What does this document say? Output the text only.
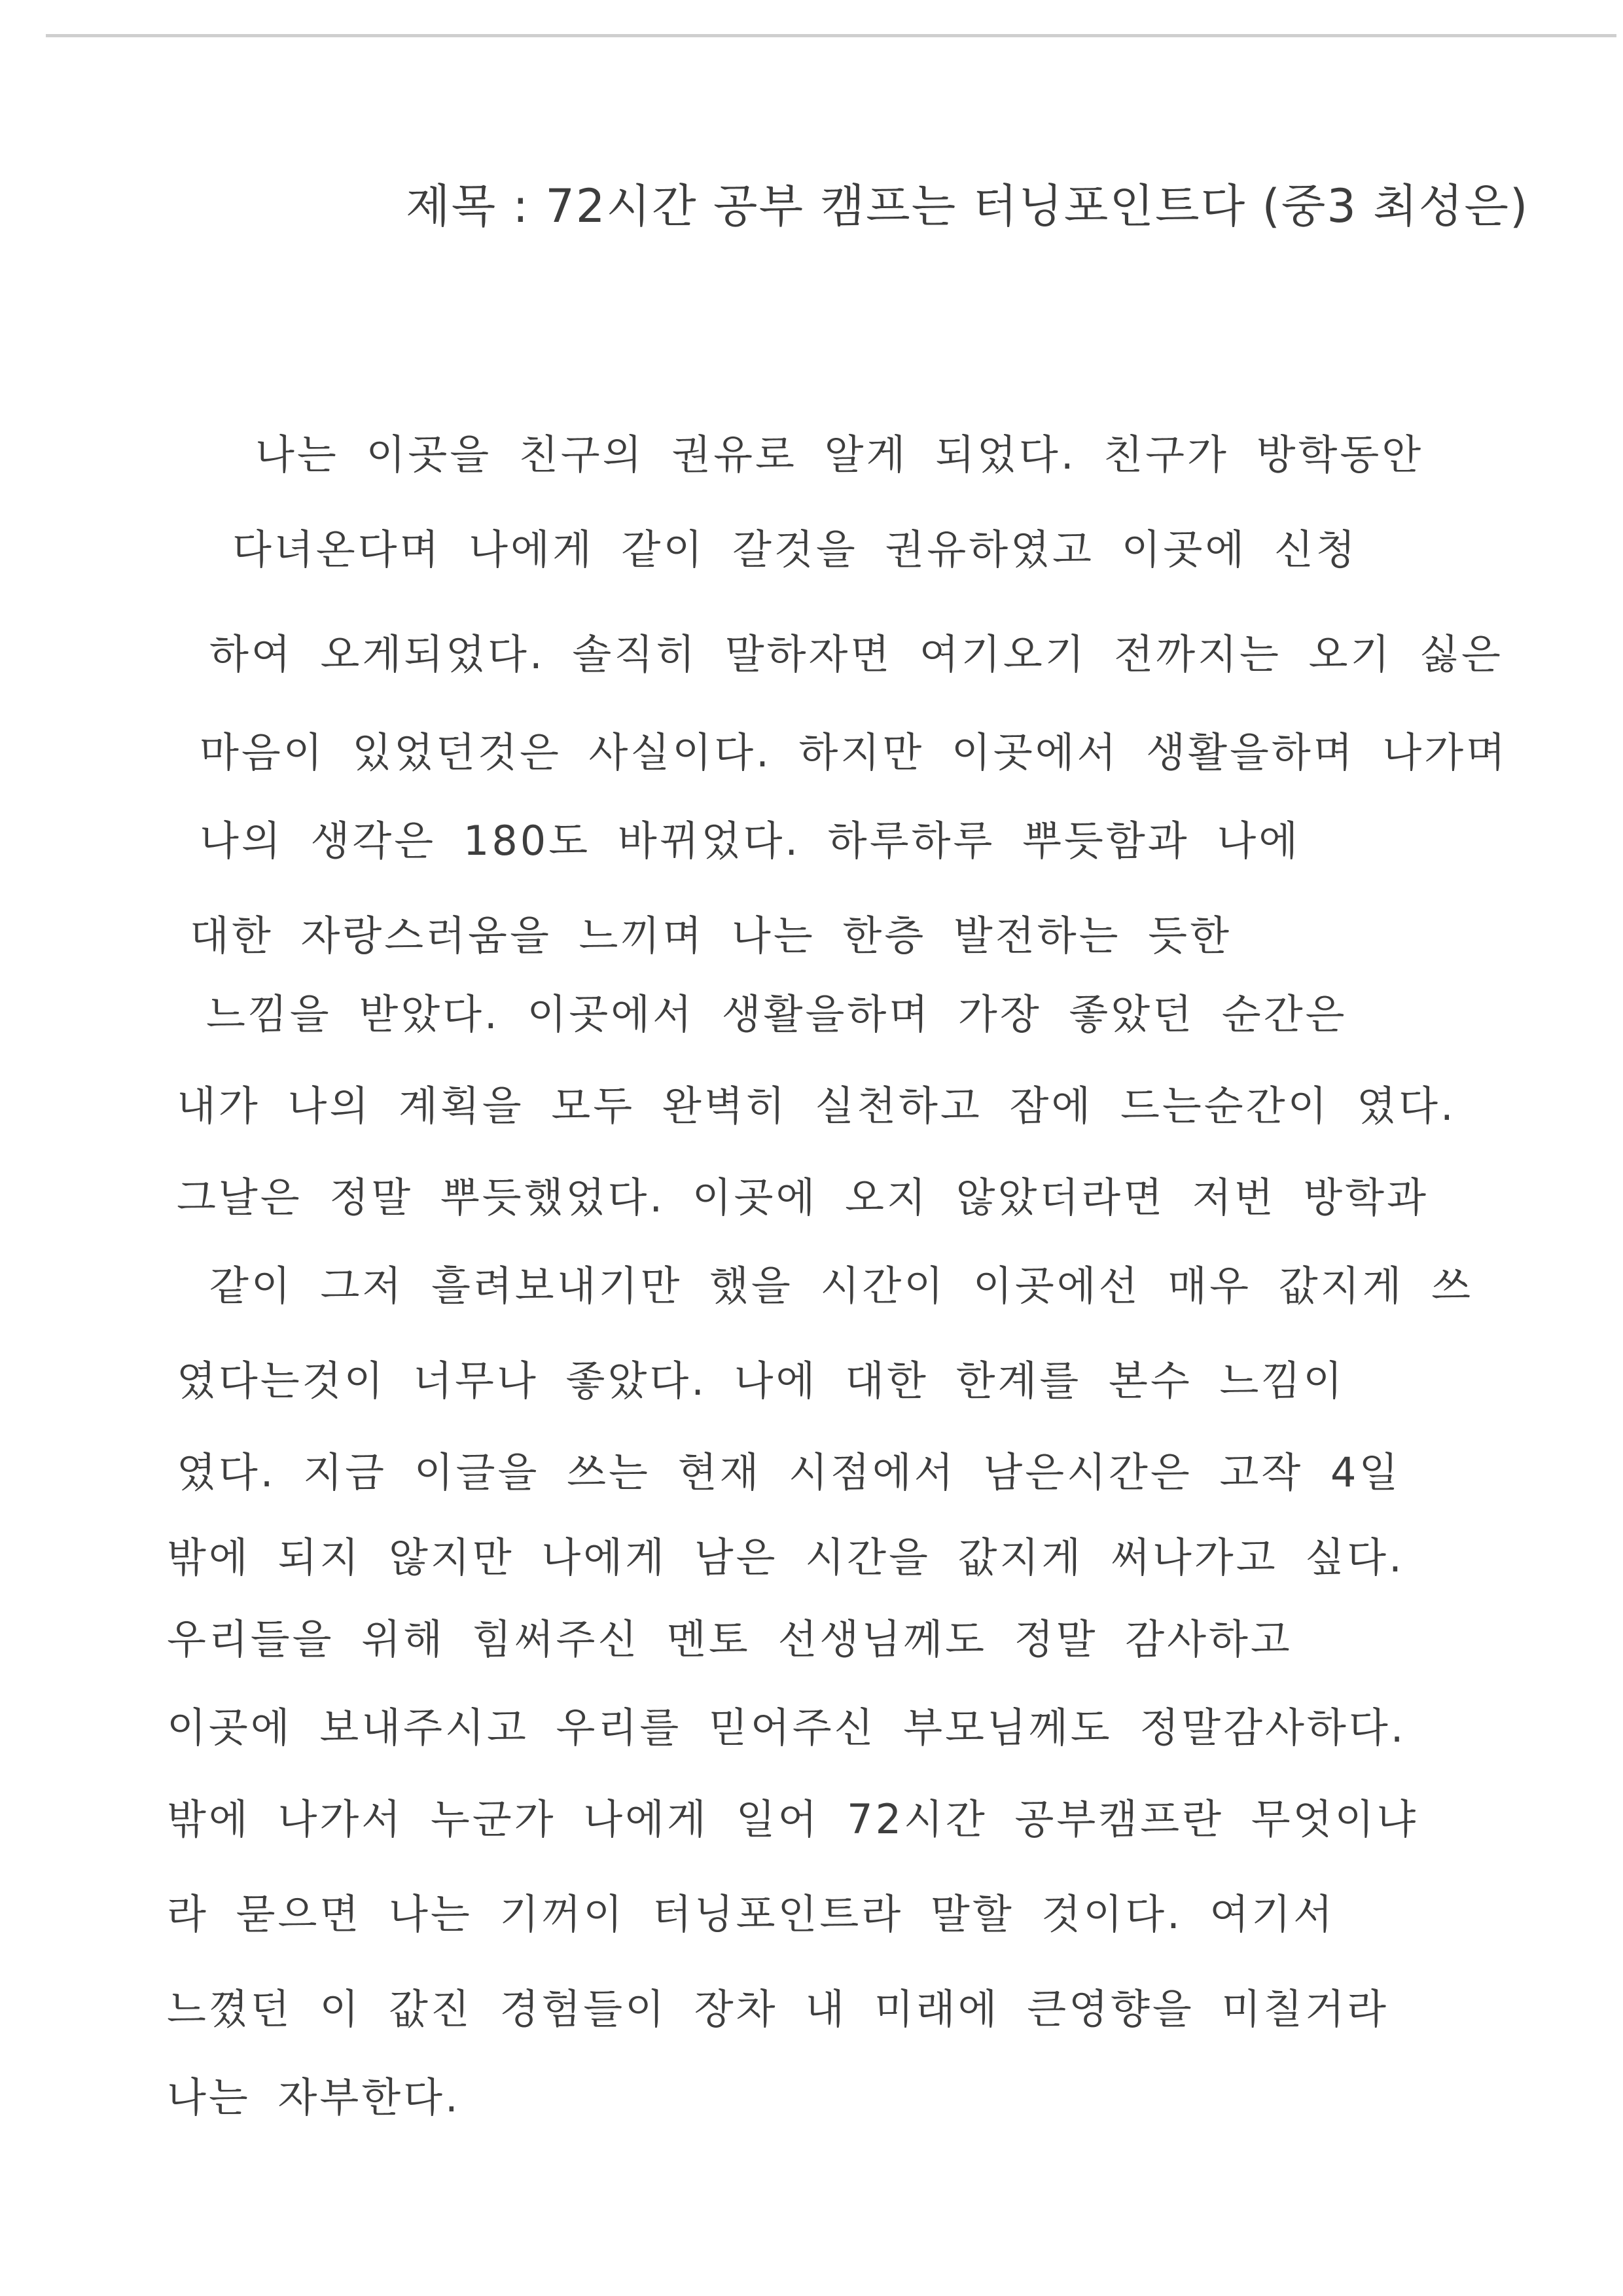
제목 : 72시간 공부 캠프는 터닝포인트다 (중3 최성은)
나는 이곳을 친구의 권유로 알게 되었다. 친구가 방학동안
다녀온다며 나에게 같이 갈것을 권유하였고 이곳에 신청
하여 오게되었다. 솔직히 말하자면 여기오기 전까지는 오기 싫은
마음이 있었던것은 사실이다. 하지만 이곳에서 생활을하며 나가며
나의 생각은 180도 바뀌었다. 하루하루 뿌듯함과 나에
대한 자랑스러움을 느끼며 나는 한층 발전하는 듯한
느낌을 받았다. 이곳에서 생활을하며 가장 좋았던 순간은
내가 나의 계획을 모두 완벽히 실천하고 잠에 드는순간이 였다.
그날은 정말 뿌듯했었다. 이곳에 오지 않았더라면 저번 방학과
같이 그저 흘려보내기만 했을 시간이 이곳에선 매우 값지게 쓰
였다는것이 너무나 좋았다. 나에 대한 한계를 본수 느낌이
였다. 지금 이글을 쓰는 현재 시점에서 남은시간은 고작 4일
밖에 되지 않지만 나에게 남은 시간을 값지게 써나가고 싶다.
우리들을 위해 힘써주신 멘토 선생님께도 정말 감사하고
이곳에 보내주시고 우리를 믿어주신 부모님께도 정말감사하다.
밖에 나가서 누군가 나에게 일어 72시간 공부캠프란 무엇이냐
라 묻으면 나는 기꺼이 터닝포인트라 말할 것이다. 여기서
느꼈던 이 값진 경험들이 장차 내 미래에 큰영향을 미칠거라
나는 자부한다.
